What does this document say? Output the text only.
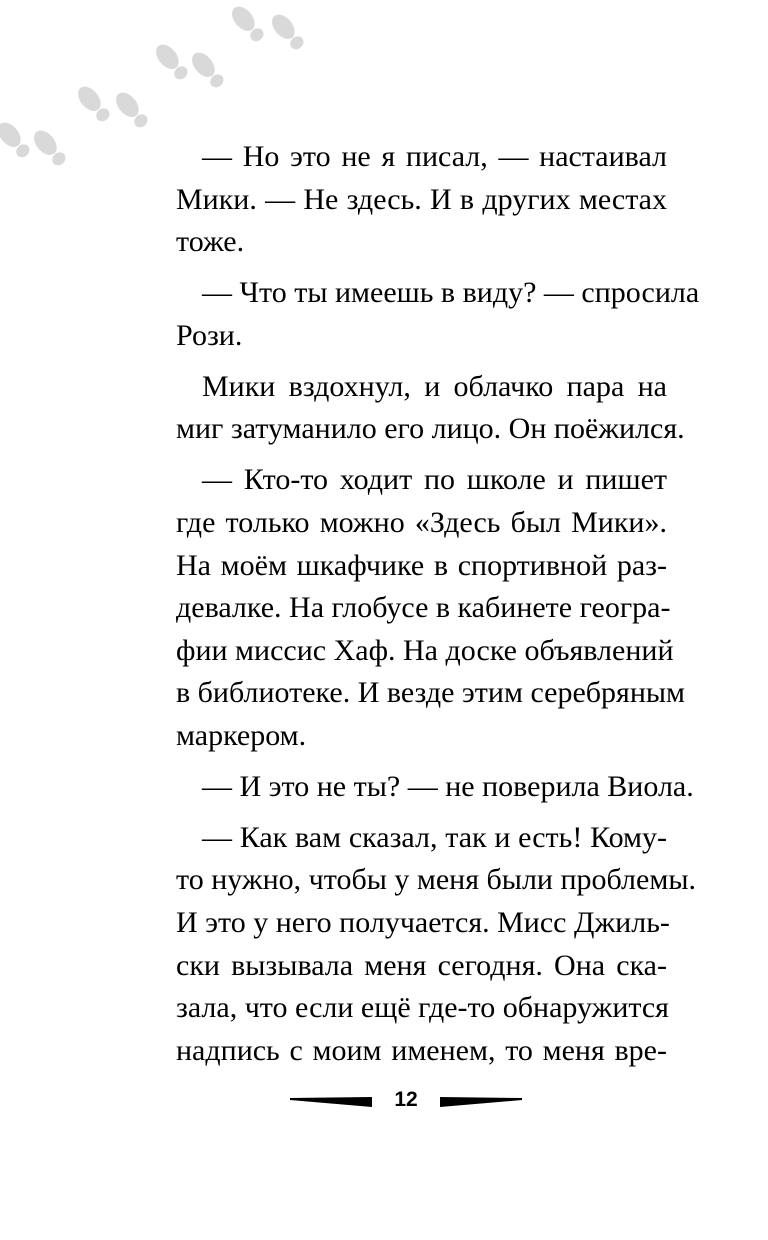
— Но это не я писал, — настаивал
Мики. — Не здесь. И в других местах
тоже.

— Что ты имеешь в виду? — спросила
Рози.

Мики вздохнул, и облачко пара на
миг затуманило его лицо. Он поёжился.

— Кто-то ходит по школе и пишет
где только можно «Здесь был Мики».
На моём шкафчике в спортивной раз-
девалке. На глобусе в кабинете геогра-
фии миссис Хаф. На доске объявлений
в библиотеке. И везде этим серебряным
маркером.

— И это не ты? — не поверила Виола.

— Как вам сказал, так и есть! Кому-
то нужно, чтобы у меня были проблемы.
И это у него получается. Мисс Джиль-
ски вызывала меня сегодня. Она ска-
зала, что если ещё где-то обнаружится
надпись с моим именем, то меня вре-

12
